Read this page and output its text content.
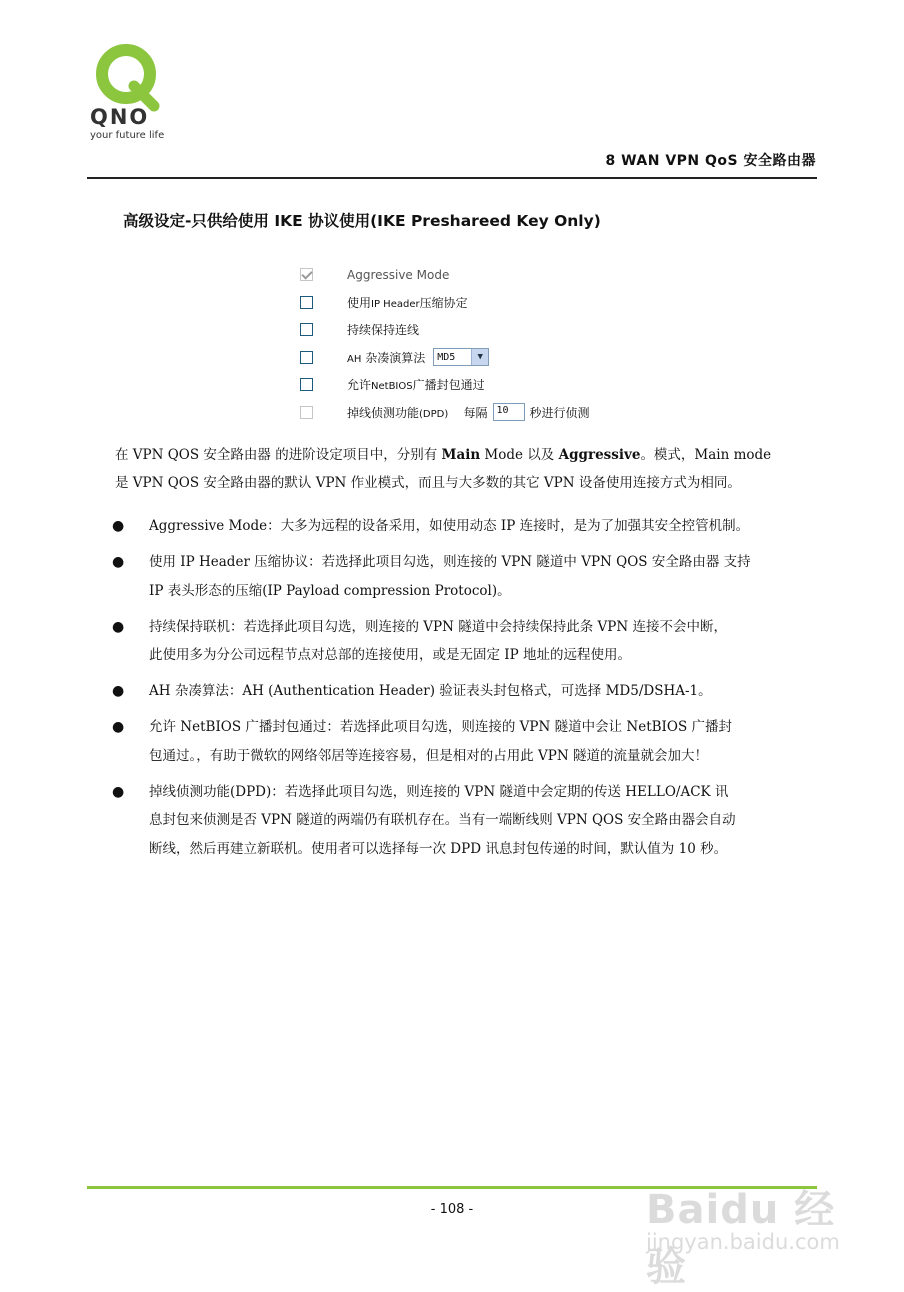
QNO
your future life
8 WAN VPN QoS 安全路由器
高级设定-只供给使用 IKE 协议使用(IKE Preshareed Key Only)
Aggressive Mode
使用IP Header压缩协定
持续保持连线
AH 杂凑演算法 MD5	▼
允许NetBIOS广播封包通过
掉线侦测功能(DPD) 每隔 10	秒进行侦测
在 VPN QOS 安全路由器 的进阶设定项目中，分别有 Main Mode 以及 Aggressive。模式，Main mode
是 VPN QOS 安全路由器的默认 VPN 作业模式，而且与大多数的其它 VPN 设备使用连接方式为相同。
● Aggressive Mode：大多为远程的设备采用，如使用动态 IP 连接时，是为了加强其安全控管机制。
● 使用 IP Header 压缩协议：若选择此项目勾选，则连接的 VPN 隧道中 VPN QOS 安全路由器 支持
IP 表头形态的压缩(IP Payload compression Protocol)。
● 持续保持联机：若选择此项目勾选，则连接的 VPN 隧道中会持续保持此条 VPN 连接不会中断，
此使用多为分公司远程节点对总部的连接使用，或是无固定 IP 地址的远程使用。
● AH 杂凑算法：AH (Authentication Header) 验证表头封包格式，可选择 MD5/DSHA-1。
● 允许 NetBIOS 广播封包通过：若选择此项目勾选，则连接的 VPN 隧道中会让 NetBIOS 广播封
包通过。，有助于微软的网络邻居等连接容易，但是相对的占用此 VPN 隧道的流量就会加大！
● 掉线侦测功能(DPD)：若选择此项目勾选，则连接的 VPN 隧道中会定期的传送 HELLO/ACK 讯
息封包来侦测是否 VPN 隧道的两端仍有联机存在。当有一端断线则 VPN QOS 安全路由器会自动
断线，然后再建立新联机。使用者可以选择每一次 DPD 讯息封包传递的时间，默认值为 10 秒。
- 108 -	Baidu 经验
jingyan.baidu.com
